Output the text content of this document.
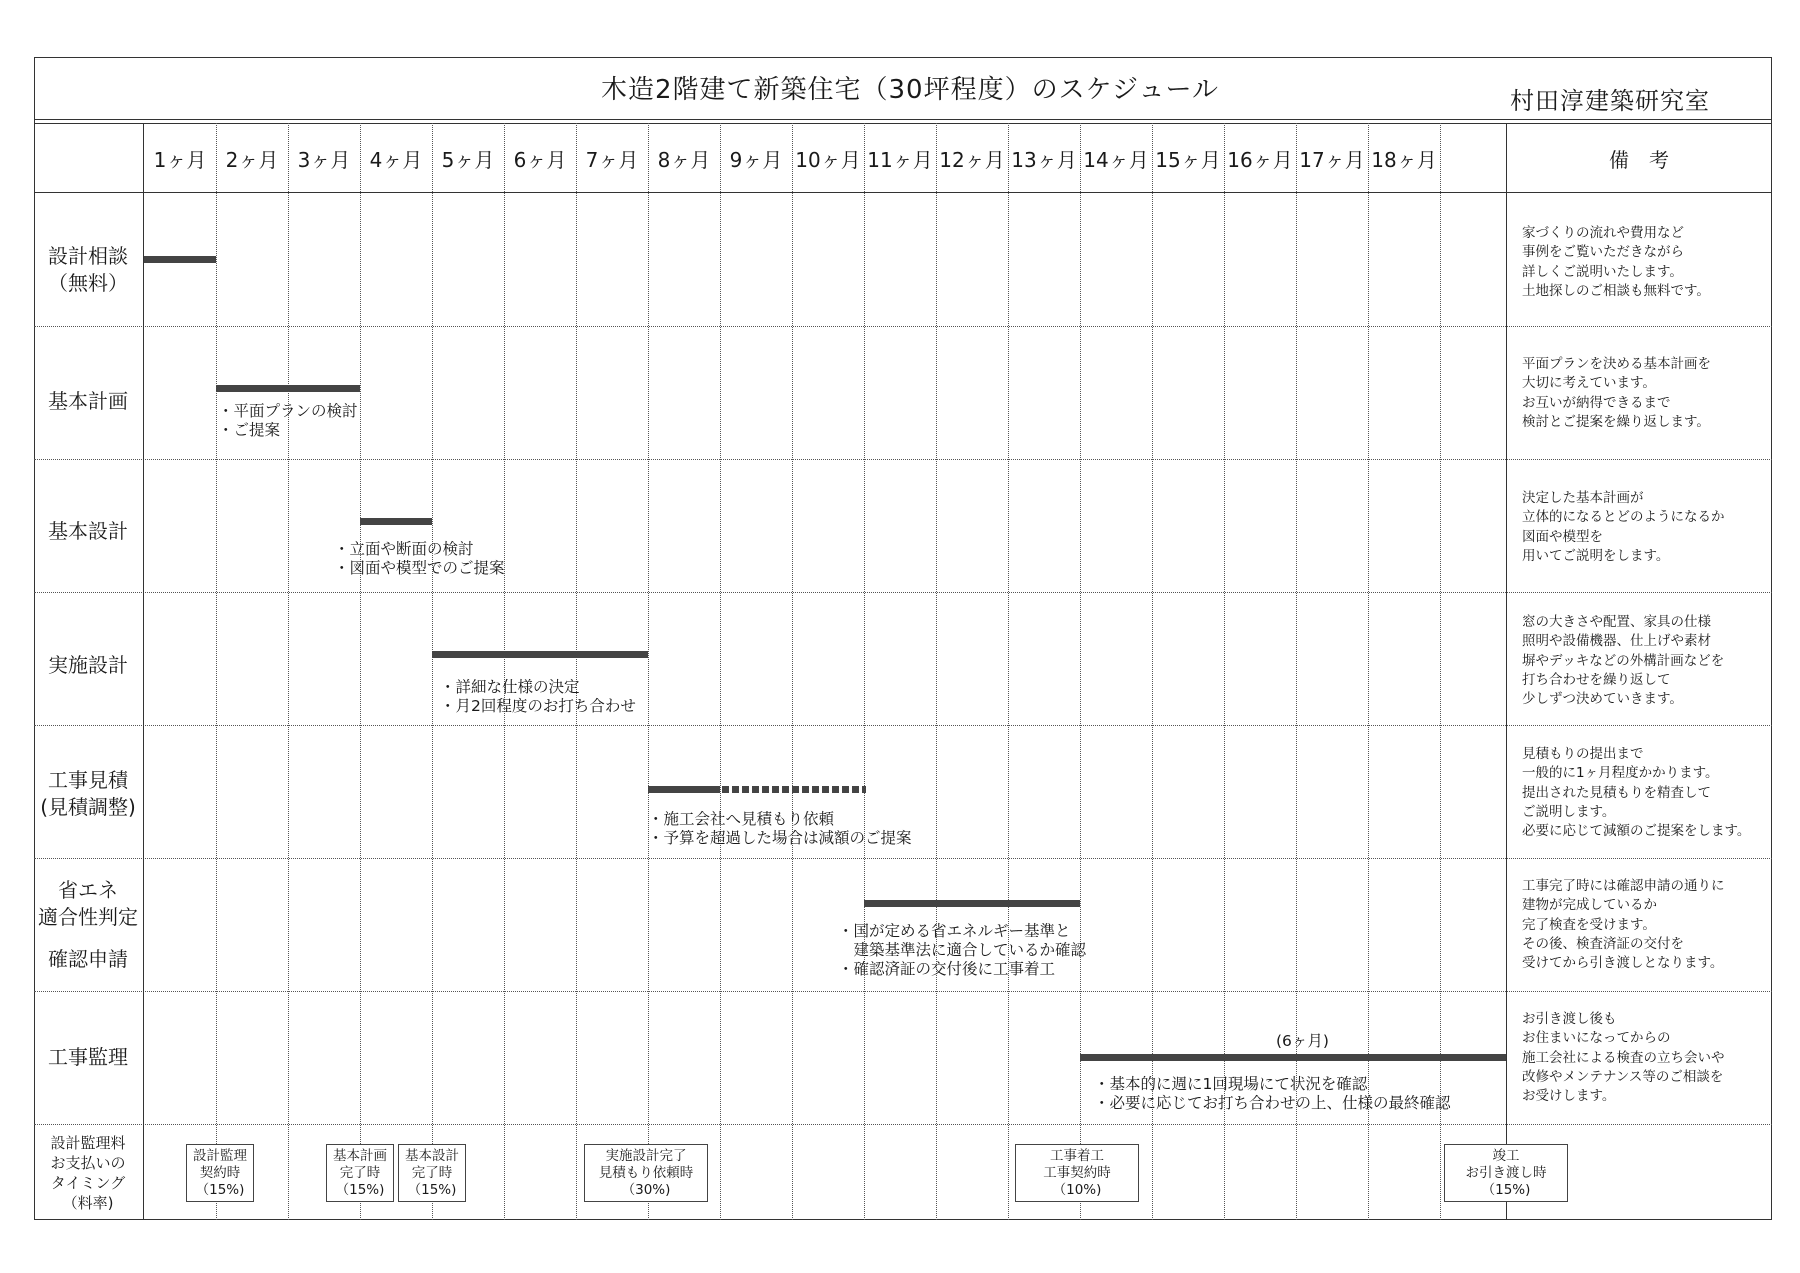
木造2階建て新築住宅（30坪程度）のスケジュール	村田淳建築研究室
1ヶ月 2ヶ月 3ヶ月 4ヶ月 5ヶ月 6ヶ月 7ヶ月 8ヶ月 9ヶ月 10ヶ月 11ヶ月 12ヶ月 13ヶ月 14ヶ月 15ヶ月 16ヶ月 17ヶ月 18ヶ月	備　考
設計相談
（無料）
基本計画
基本設計
実施設計
工事見積
(見積調整)
省エネ
適合性判定
確認申請
工事監理
設計監理料
お支払いの
タイミング
（料率)
・平面プランの検討
・ご提案
・立面や断面の検討
・図面や模型でのご提案
・詳細な仕様の決定
・月2回程度のお打ち合わせ
・施工会社へ見積もり依頼
・予算を超過した場合は減額のご提案
・国が定める省エネルギー基準と
　建築基準法に適合しているか確認
・確認済証の交付後に工事着工
(6ヶ月)
・基本的に週に1回現場にて状況を確認
・必要に応じてお打ち合わせの上、仕様の最終確認
家づくりの流れや費用など
事例をご覧いただきながら
詳しくご説明いたします。
土地探しのご相談も無料です。
平面プランを決める基本計画を
大切に考えています。
お互いが納得できるまで
検討とご提案を繰り返します。
決定した基本計画が
立体的になるとどのようになるか
図面や模型を
用いてご説明をします。
窓の大きさや配置、家具の仕様
照明や設備機器、仕上げや素材
塀やデッキなどの外構計画などを
打ち合わせを繰り返して
少しずつ決めていきます。
見積もりの提出まで
一般的に1ヶ月程度かかります。
提出された見積もりを精査して
ご説明します。
必要に応じて減額のご提案をします。
工事完了時には確認申請の通りに
建物が完成しているか
完了検査を受けます。
その後、検査済証の交付を
受けてから引き渡しとなります。
お引き渡し後も
お住まいになってからの
施工会社による検査の立ち会いや
改修やメンテナンス等のご相談を
お受けします。
設計監理
契約時
（15%)
基本計画
完了時
（15%)
基本設計
完了時
（15%)
実施設計完了
見積もり依頼時
（30%)
工事着工
工事契約時
（10%)
竣工
お引き渡し時
（15%)
